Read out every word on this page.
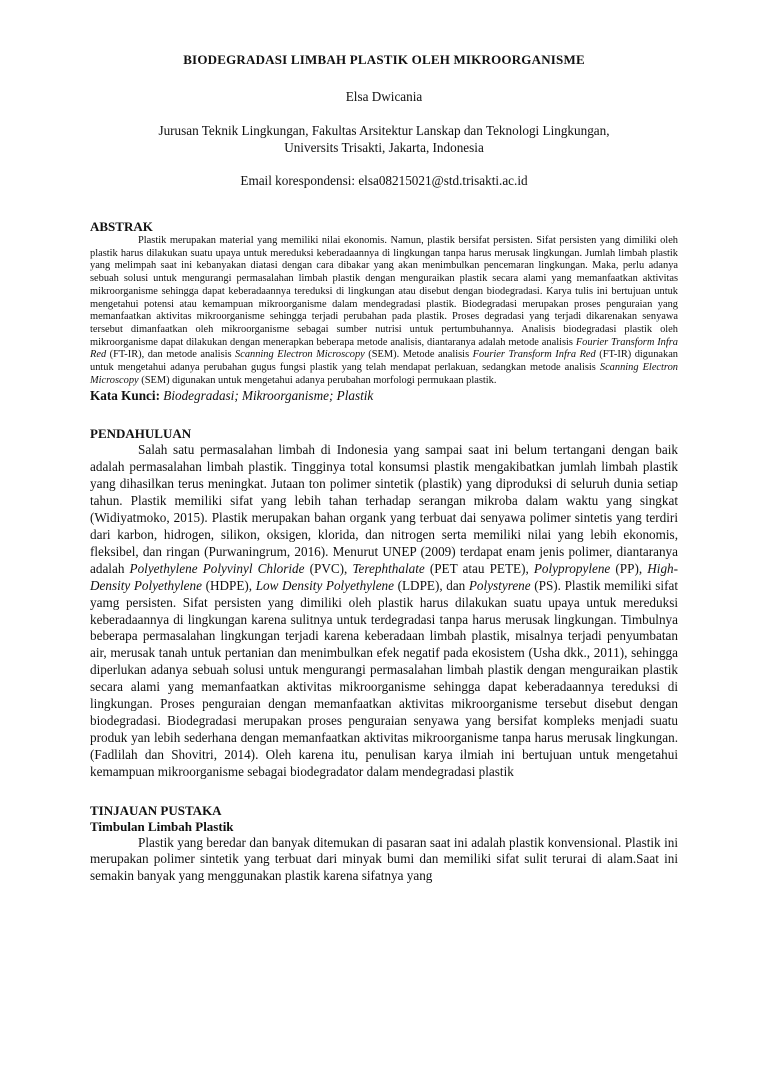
BIODEGRADASI LIMBAH PLASTIK OLEH MIKROORGANISME
Elsa Dwicania
Jurusan Teknik Lingkungan, Fakultas Arsitektur Lanskap dan Teknologi Lingkungan,
Universits Trisakti, Jakarta, Indonesia
Email korespondensi: elsa08215021@std.trisakti.ac.id
ABSTRAK

Plastik merupakan material yang memiliki nilai ekonomis. Namun, plastik bersifat persisten. Sifat persisten yang dimiliki oleh plastik harus dilakukan suatu upaya untuk mereduksi keberadaannya di lingkungan tanpa harus merusak lingkungan. Jumlah limbah plastik yang melimpah saat ini kebanyakan diatasi dengan cara dibakar yang akan menimbulkan pencemaran lingkungan. Maka, perlu adanya sebuah solusi untuk mengurangi permasalahan limbah plastik dengan menguraikan plastik secara alami yang memanfaatkan aktivitas mikroorganisme sehingga dapat keberadaannya tereduksi di lingkungan atau disebut dengan biodegradasi. Karya tulis ini bertujuan untuk mengetahui potensi atau kemampuan mikroorganisme dalam mendegradasi plastik. Biodegradasi merupakan proses penguraian yang memanfaatkan aktivitas mikroorganisme sehingga terjadi perubahan pada plastik. Proses degradasi yang terjadi dikarenakan senyawa tersebut dimanfaatkan oleh mikroorganisme sebagai sumber nutrisi untuk pertumbuhannya. Analisis biodegradasi plastik oleh mikroorganisme dapat dilakukan dengan menerapkan beberapa metode analisis, diantaranya adalah metode analisis Fourier Transform Infra Red (FT-IR), dan metode analisis Scanning Electron Microscopy (SEM). Metode analisis Fourier Transform Infra Red (FT-IR) digunakan untuk mengetahui adanya perubahan gugus fungsi plastik yang telah mendapat perlakuan, sedangkan metode analisis Scanning Electron Microscopy (SEM) digunakan untuk mengetahui adanya perubahan morfologi permukaan plastik.

Kata Kunci: Biodegradasi; Mikroorganisme; Plastik
PENDAHULUAN

Salah satu permasalahan limbah di Indonesia yang sampai saat ini belum tertangani dengan baik adalah permasalahan limbah plastik. Tingginya total konsumsi plastik mengakibatkan jumlah limbah plastik yang dihasilkan terus meningkat. Jutaan ton polimer sintetik (plastik) yang diproduksi di seluruh dunia setiap tahun. Plastik memiliki sifat yang lebih tahan terhadap serangan mikroba dalam waktu yang singkat (Widiyatmoko, 2015). Plastik merupakan bahan organk yang terbuat dai senyawa polimer sintetis yang terdiri dari karbon, hidrogen, silikon, oksigen, klorida, dan nitrogen serta memiliki nilai yang lebih ekonomis, fleksibel, dan ringan (Purwaningrum, 2016). Menurut UNEP (2009) terdapat enam jenis polimer, diantaranya adalah Polyethylene Polyvinyl Chloride (PVC), Terephthalate (PET atau PETE), Polypropylene (PP), High-Density Polyethylene (HDPE), Low Density Polyethylene (LDPE), dan Polystyrene (PS). Plastik memiliki sifat yamg persisten. Sifat persisten yang dimiliki oleh plastik harus dilakukan suatu upaya untuk mereduksi keberadaannya di lingkungan karena sulitnya untuk terdegradasi tanpa harus merusak lingkungan. Timbulnya beberapa permasalahan lingkungan terjadi karena keberadaan limbah plastik, misalnya terjadi penyumbatan air, merusak tanah untuk pertanian dan menimbulkan efek negatif pada ekosistem (Usha dkk., 2011), sehingga diperlukan adanya sebuah solusi untuk mengurangi permasalahan limbah plastik dengan menguraikan plastik secara alami yang memanfaatkan aktivitas mikroorganisme sehingga dapat keberadaannya tereduksi di lingkungan. Proses penguraian dengan memanfaatkan aktivitas mikroorganisme tersebut disebut dengan biodegradasi. Biodegradasi merupakan proses penguraian senyawa yang bersifat kompleks menjadi suatu produk yan lebih sederhana dengan memanfaatkan aktivitas mikroorganisme tanpa harus merusak lingkungan. (Fadlilah dan Shovitri, 2014). Oleh karena itu, penulisan karya ilmiah ini bertujuan untuk mengetahui kemampuan mikroorganisme sebagai biodegradator dalam mendegradasi plastik

TINJAUAN PUSTAKA
Timbulan Limbah Plastik

Plastik yang beredar dan banyak ditemukan di pasaran saat ini adalah plastik konvensional. Plastik ini merupakan polimer sintetik yang terbuat dari minyak bumi dan memiliki sifat sulit terurai di alam.Saat ini semakin banyak yang menggunakan plastik karena sifatnya yang
